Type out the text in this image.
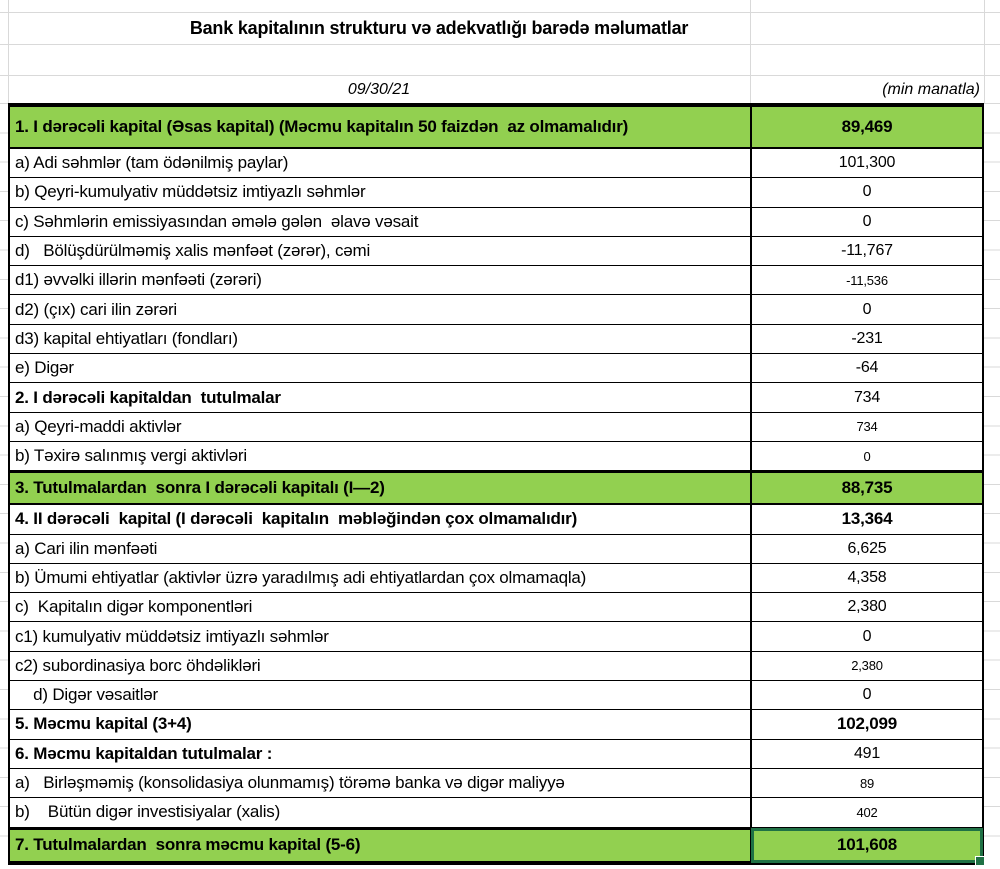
Bank kapitalının strukturu və adekvatlığı barədə məlumatlar
09/30/21	(min manatla)
1. I dərəcəli kapital (Əsas kapital) (Məcmu kapitalın 50 faizdən  az olmamalıdır)	89,469
a) Adi səhmlər (tam ödənilmiş paylar)	101,300
b) Qeyri-kumulyativ müddətsiz imtiyazlı səhmlər	0
c) Səhmlərin emissiyasından əmələ gələn  əlavə vəsait	0
d)   Bölüşdürülməmiş xalis mənfəət (zərər), cəmi	-11,767
d1) əvvəlki illərin mənfəəti (zərəri)	-11,536
d2) (çıx) cari ilin zərəri	0
d3) kapital ehtiyatları (fondları)	-231
e) Digər	-64
2. I dərəcəli kapitaldan  tutulmalar	734
a) Qeyri-maddi aktivlər	734
b) Təxirə salınmış vergi aktivləri	0
3. Tutulmalardan  sonra I dərəcəli kapitalı (I—2)	88,735
4. II dərəcəli  kapital (I dərəcəli  kapitalın  məbləğindən çox olmamalıdır)	13,364
a) Cari ilin mənfəəti	6,625
b) Ümumi ehtiyatlar (aktivlər üzrə yaradılmış adi ehtiyatlardan çox olmamaqla)	4,358
c)  Kapitalın digər komponentləri	2,380
c1) kumulyativ müddətsiz imtiyazlı səhmlər	0
c2) subordinasiya borc öhdəlikləri	2,380
d) Digər vəsaitlər	0
5. Məcmu kapital (3+4)	102,099
6. Məcmu kapitaldan tutulmalar :	491
a)   Birləşməmiş (konsolidasiya olunmamış) törəmə banka və digər maliyyə	89
b)    Bütün digər investisiyalar (xalis)	402
7. Tutulmalardan  sonra məcmu kapital (5-6)	101,608
